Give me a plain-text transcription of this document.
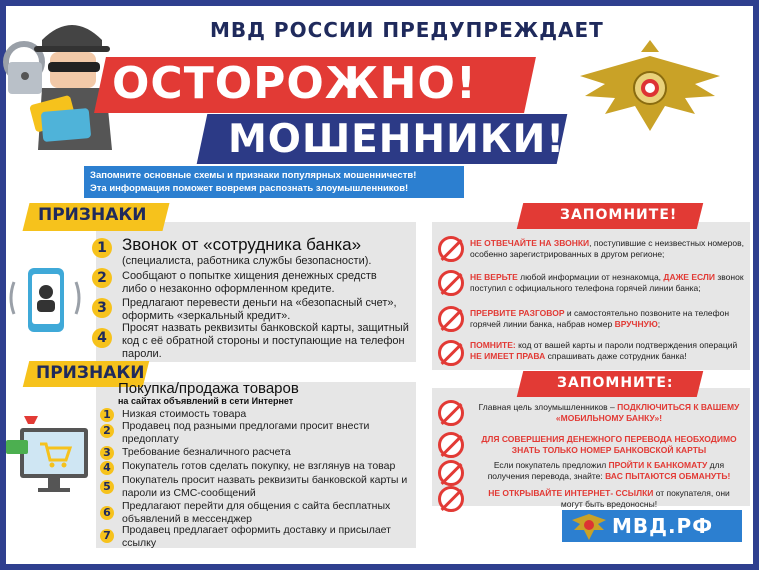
МВД РОССИИ ПРЕДУПРЕЖДАЕТ
ОСТОРОЖНО!
МОШЕННИКИ!
Запомните основные схемы и признаки популярных мошенничеств!
Эта информация поможет вовремя распознать злоумышленников!
ПРИЗНАКИ
Звонок от «сотрудника банка»
1
(специалиста, работника службы безопасности).
2	Сообщают о попытке хищения денежных средств либо о незаконно оформленном кредите.
3	Предлагают перевести деньги на «безопасный счет», оформить «зеркальный кредит».
4
Просят назвать реквизиты банковской карты, защитный код с её обратной стороны и поступающие на телефон пароли.
ПРИЗНАКИ
Покупка/продажа товаров
на сайтах объявлений в сети Интернет
1	Низкая стоимость товара
2	Продавец под разными предлогами просит внести предоплату
3	Требование безналичного расчета
4	Покупатель готов сделать покупку, не взглянув на товар
5	Покупатель просит назвать реквизиты банковской карты и пароли из СМС-сообщений
6	Предлагают перейти для общения с сайта бесплатных объявлений в мессенджер
7	Продавец предлагает оформить доставку и присылает ссылку
ЗАПОМНИТЕ!
НЕ ОТВЕЧАЙТЕ НА ЗВОНКИ, поступившие с неизвестных номеров, особенно зарегистрированных в другом регионе;
НЕ ВЕРЬТЕ любой информации от незнакомца, ДАЖЕ ЕСЛИ звонок поступил с официального телефона горячей линии банка;
ПРЕРВИТЕ РАЗГОВОР и самостоятельно позвоните на телефон горячей линии банка, набрав номер ВРУЧНУЮ;
ПОМНИТЕ: код от вашей карты и пароли подтверждения операций НЕ ИМЕЕТ ПРАВА спрашивать даже сотрудник банка!
ЗАПОМНИТЕ:
Главная цель злоумышленников – ПОДКЛЮЧИТЬСЯ К ВАШЕМУ «МОБИЛЬНОМУ БАНКУ»!
ДЛЯ СОВЕРШЕНИЯ ДЕНЕЖНОГО ПЕРЕВОДА НЕОБХОДИМО ЗНАТЬ ТОЛЬКО НОМЕР БАНКОВСКОЙ КАРТЫ
Если покупатель предложил ПРОЙТИ К БАНКОМАТУ для получения перевода, знайте: ВАС ПЫТАЮТСЯ ОБМАНУТЬ!
НЕ ОТКРЫВАЙТЕ ИНТЕРНЕТ- ССЫЛКИ от покупателя, они могут быть вредоносны!
МВД.РФ
